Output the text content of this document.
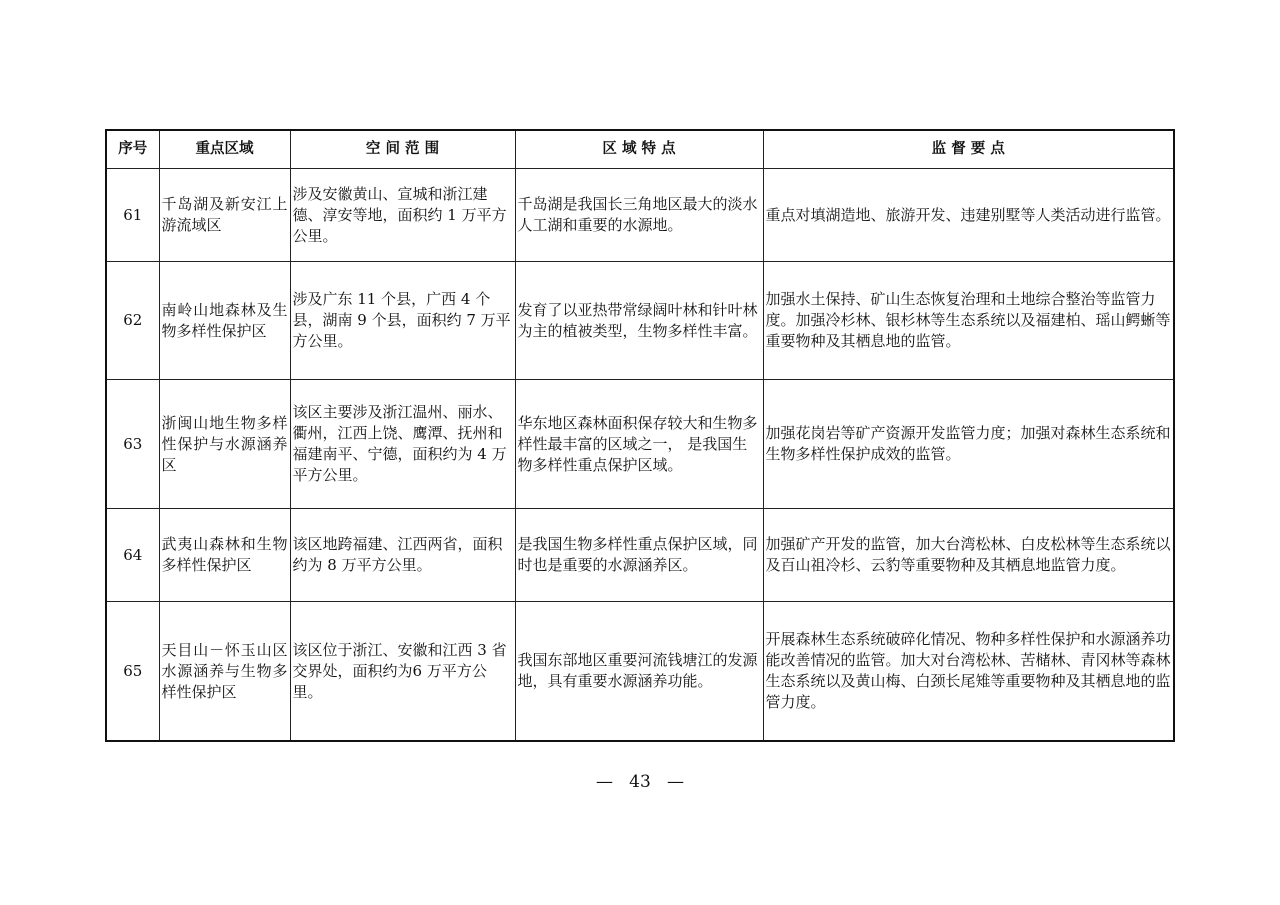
序号	重点区域	空 间 范 围	区 域 特 点	监 督 要 点
61	千岛湖及新安江上游流域区	涉及安徽黄山、宣城和浙江建德、淳安等地，面积约 1 万平方公里。	千岛湖是我国长三角地区最大的淡水人工湖和重要的水源地。	重点对填湖造地、旅游开发、违建别墅等人类活动进行监管。
62	南岭山地森林及生物多样性保护区	涉及广东 11 个县，广西 4 个县，湖南 9 个县，面积约 7 万平方公里。	发育了以亚热带常绿阔叶林和针叶林为主的植被类型，生物多样性丰富。	加强水土保持、矿山生态恢复治理和土地综合整治等监管力度。加强冷杉林、银杉林等生态系统以及福建柏、瑶山鳄蜥等重要物种及其栖息地的监管。
63	浙闽山地生物多样性保护与水源涵养区	该区主要涉及浙江温州、丽水、衢州，江西上饶、鹰潭、抚州和福建南平、宁德，面积约为 4 万平方公里。	华东地区森林面积保存较大和生物多样性最丰富的区域之一， 是我国生物多样性重点保护区域。	加强花岗岩等矿产资源开发监管力度；加强对森林生态系统和生物多样性保护成效的监管。
64	武夷山森林和生物多样性保护区	该区地跨福建、江西两省，面积约为 8 万平方公里。	是我国生物多样性重点保护区域，同时也是重要的水源涵养区。	加强矿产开发的监管，加大台湾松林、白皮松林等生态系统以及百山祖冷杉、云豹等重要物种及其栖息地监管力度。
65	天目山－怀玉山区水源涵养与生物多样性保护区	该区位于浙江、安徽和江西 3 省交界处，面积约为6 万平方公里。	我国东部地区重要河流钱塘江的发源地，具有重要水源涵养功能。	开展森林生态系统破碎化情况、物种多样性保护和水源涵养功能改善情况的监管。加大对台湾松林、苦槠林、青冈林等森林生态系统以及黄山梅、白颈长尾雉等重要物种及其栖息地的监管力度。
—   43   —
